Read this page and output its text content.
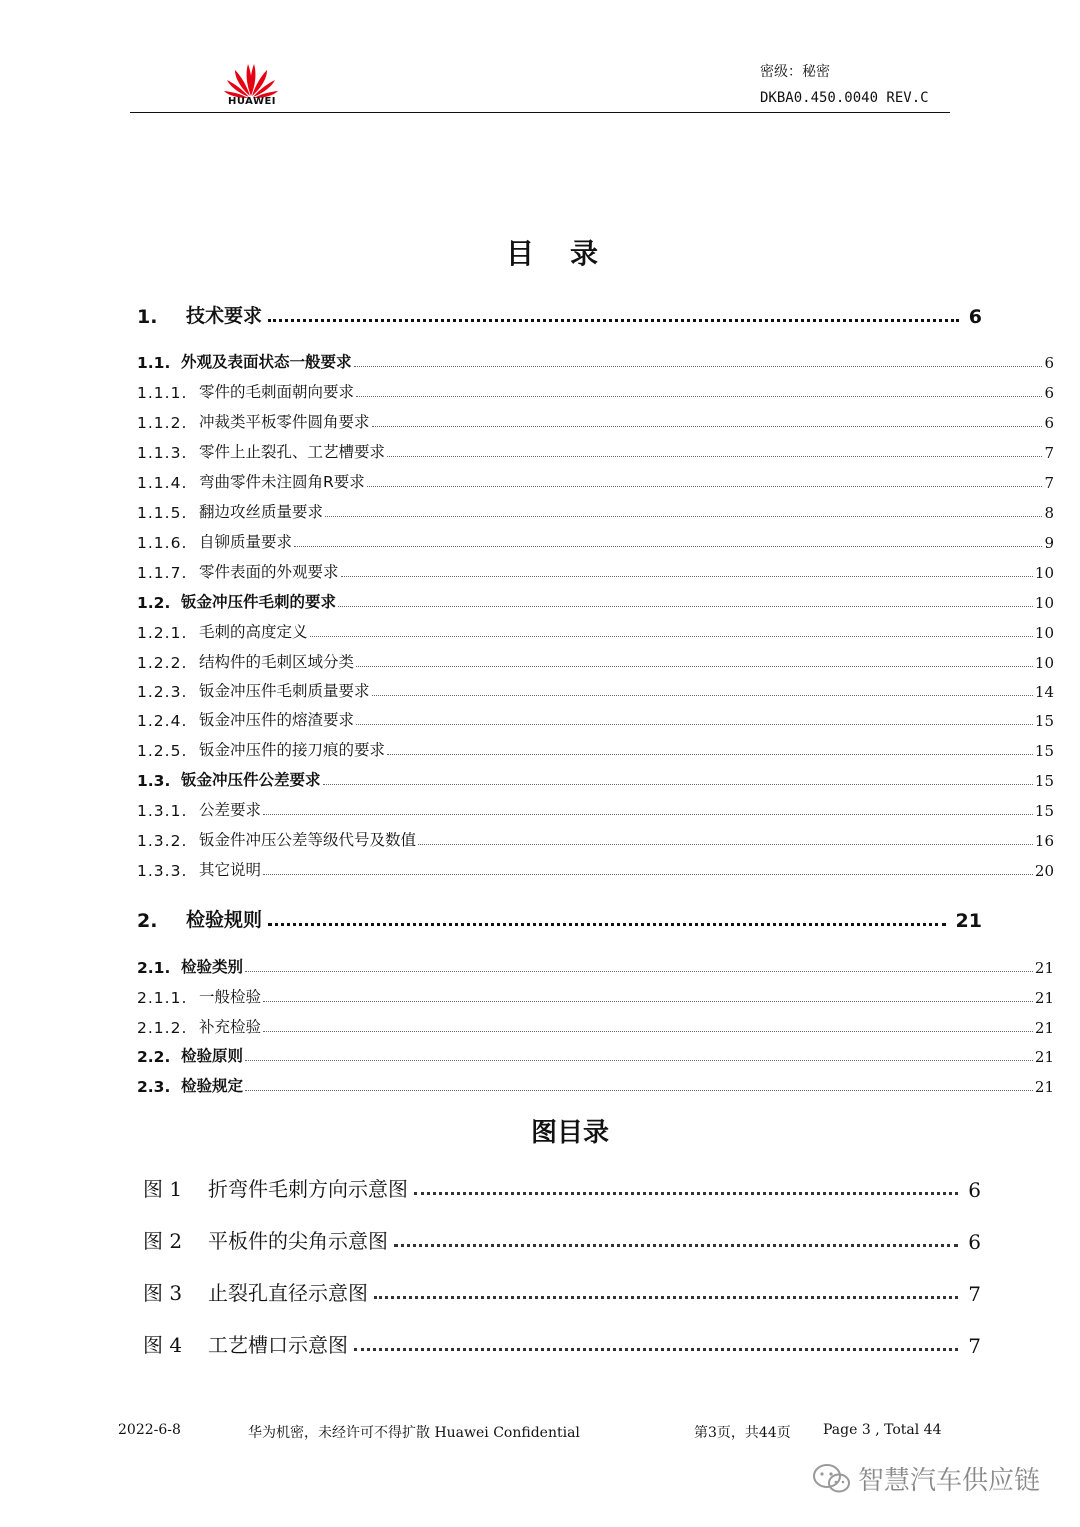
HUAWEI
密级：秘密
DKBA0.450.0040 REV.C
目录
1.	技术要求	6
1.1. 外观及表面状态一般要求	6
1.1.1. 零件的毛刺面朝向要求	6
1.1.2. 冲裁类平板零件圆角要求	6
1.1.3. 零件上止裂孔、工艺槽要求	7
1.1.4. 弯曲零件未注圆角R要求	7
1.1.5. 翻边攻丝质量要求	8
1.1.6. 自铆质量要求	9
1.1.7. 零件表面的外观要求	10
1.2. 钣金冲压件毛刺的要求	10
1.2.1. 毛刺的高度定义	10
1.2.2. 结构件的毛刺区域分类	10
1.2.3. 钣金冲压件毛刺质量要求	14
1.2.4. 钣金冲压件的熔渣要求	15
1.2.5. 钣金冲压件的接刀痕的要求	15
1.3. 钣金冲压件公差要求	15
1.3.1. 公差要求	15
1.3.2. 钣金件冲压公差等级代号及数值	16
1.3.3. 其它说明	20
2.	检验规则	21
2.1. 检验类别	21
2.1.1. 一般检验	21
2.1.2. 补充检验	21
2.2. 检验原则	21
2.3. 检验规定	21
图目录
图 1	折弯件毛刺方向示意图	6
图 2	平板件的尖角示意图	6
图 3	止裂孔直径示意图	7
图 4	工艺槽口示意图	7
2022-6-8	华为机密，未经许可不得扩散 Huawei Confidential	第3页，共44页 Page 3 , Total 44
智慧汽车供应链
